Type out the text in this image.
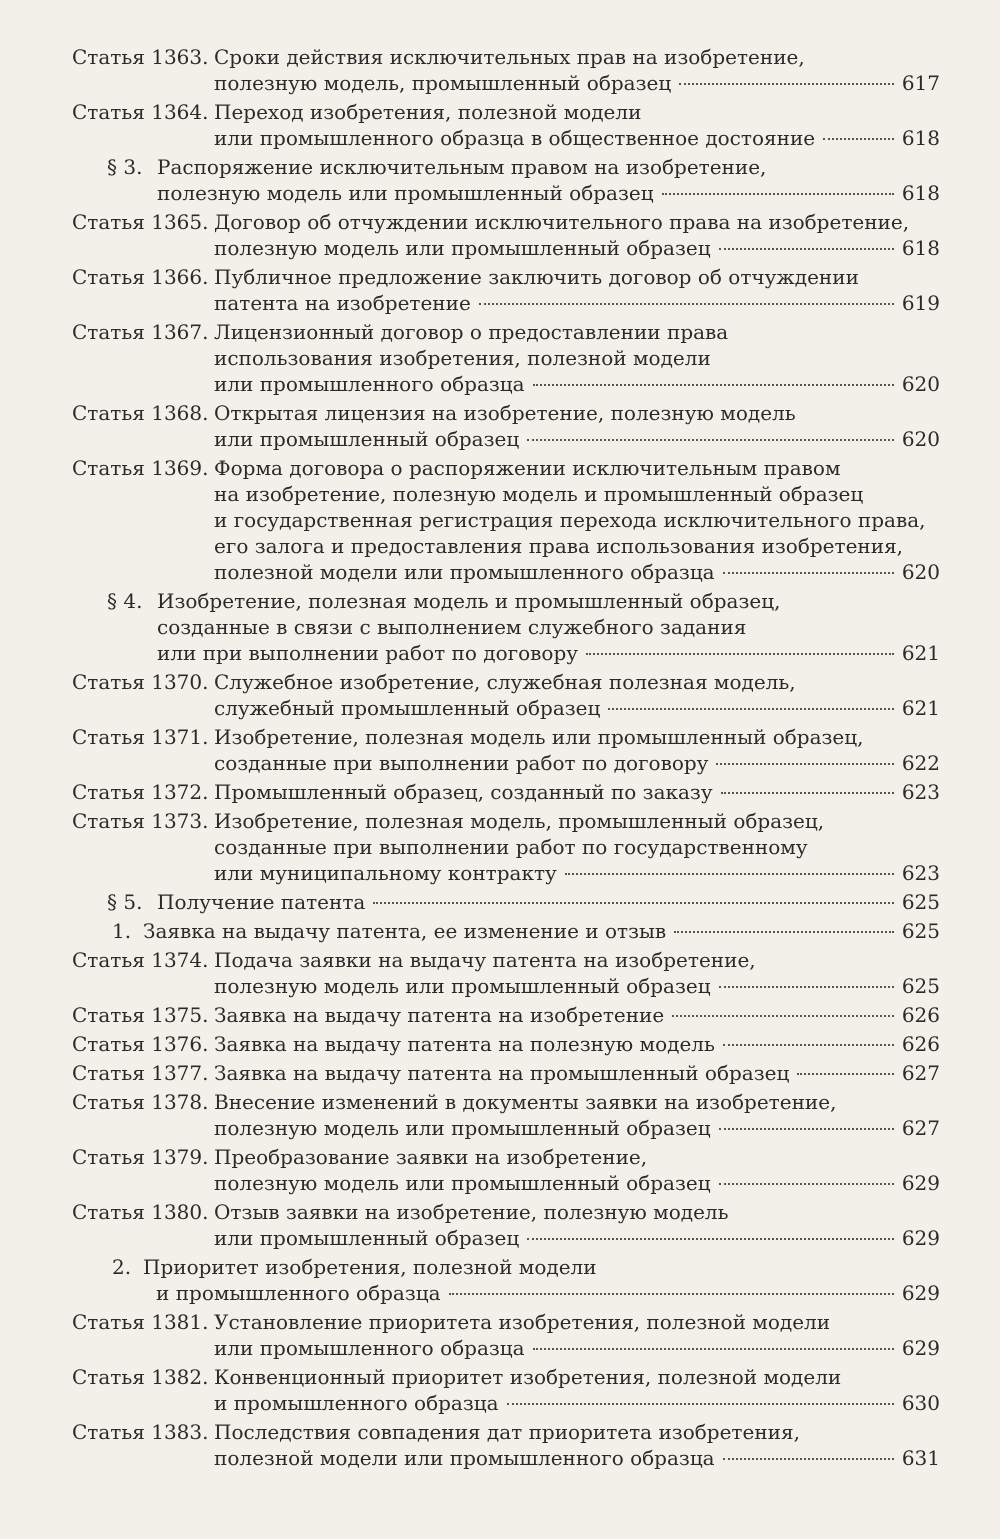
Статья 1363. Сроки действия исключительных прав на изобретение,
полезную модель, промышленный образец	617
Статья 1364. Переход изобретения, полезной модели
или промышленного образца в общественное достояние	618
§ 3. Распоряжение исключительным правом на изобретение,
полезную модель или промышленный образец	618
Статья 1365. Договор об отчуждении исключительного права на изобретение,
полезную модель или промышленный образец	618
Статья 1366. Публичное предложение заключить договор об отчуждении
патента на изобретение	619
Статья 1367. Лицензионный договор о предоставлении права
использования изобретения, полезной модели
или промышленного образца	620
Статья 1368. Открытая лицензия на изобретение, полезную модель
или промышленный образец	620
Статья 1369. Форма договора о распоряжении исключительным правом
на изобретение, полезную модель и промышленный образец
и государственная регистрация перехода исключительного права,
его залога и предоставления права использования изобретения,
полезной модели или промышленного образца	620
§ 4. Изобретение, полезная модель и промышленный образец,
созданные в связи с выполнением служебного задания
или при выполнении работ по договору	621
Статья 1370. Служебное изобретение, служебная полезная модель,
служебный промышленный образец	621
Статья 1371. Изобретение, полезная модель или промышленный образец,
созданные при выполнении работ по договору	622
Статья 1372. Промышленный образец, созданный по заказу	623
Статья 1373. Изобретение, полезная модель, промышленный образец,
созданные при выполнении работ по государственному
или муниципальному контракту	623
§ 5. Получение патента	625
1. Заявка на выдачу патента, ее изменение и отзыв	625
Статья 1374. Подача заявки на выдачу патента на изобретение,
полезную модель или промышленный образец	625
Статья 1375. Заявка на выдачу патента на изобретение	626
Статья 1376. Заявка на выдачу патента на полезную модель	626
Статья 1377. Заявка на выдачу патента на промышленный образец	627
Статья 1378. Внесение изменений в документы заявки на изобретение,
полезную модель или промышленный образец	627
Статья 1379. Преобразование заявки на изобретение,
полезную модель или промышленный образец	629
Статья 1380. Отзыв заявки на изобретение, полезную модель
или промышленный образец	629
2. Приоритет изобретения, полезной модели
и промышленного образца	629
Статья 1381. Установление приоритета изобретения, полезной модели
или промышленного образца	629
Статья 1382. Конвенционный приоритет изобретения, полезной модели
и промышленного образца	630
Статья 1383. Последствия совпадения дат приоритета изобретения,
полезной модели или промышленного образца	631
